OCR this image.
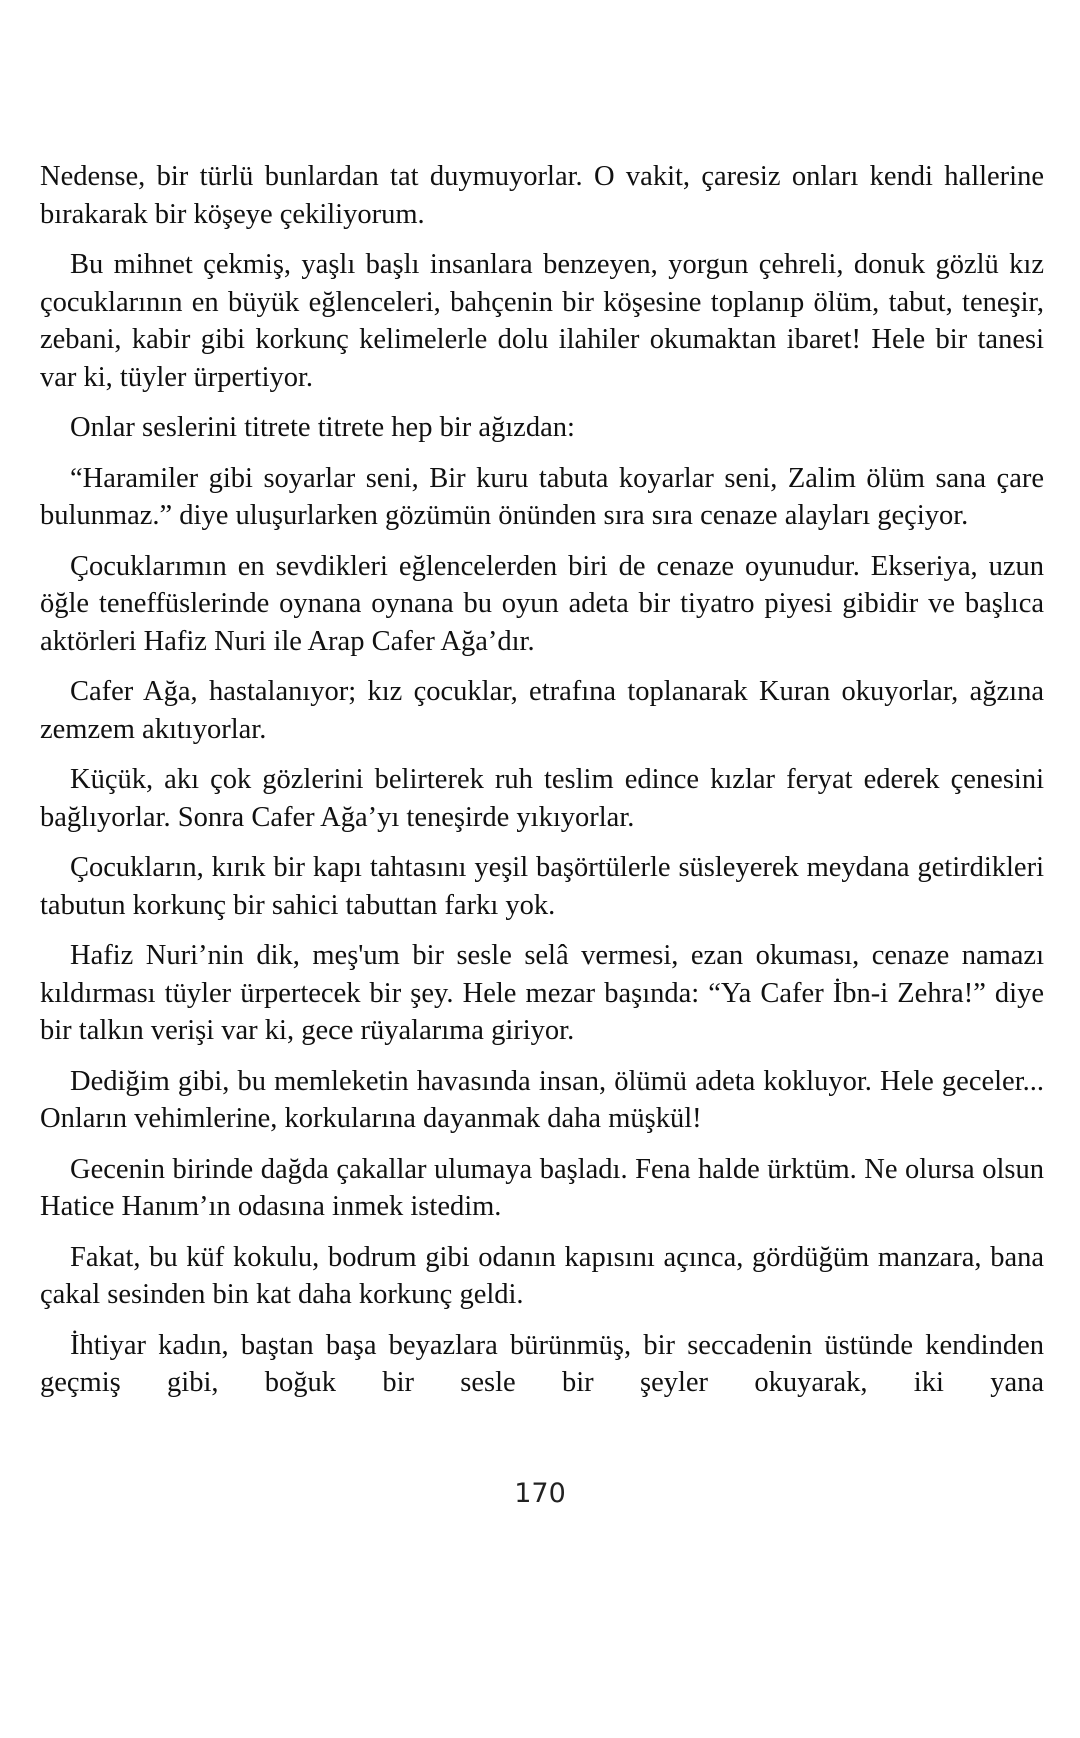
Nedense, bir türlü bunlardan tat duymuyorlar. O vakit, çaresiz onları kendi hallerine bırakarak bir köşeye çekiliyorum.

Bu mihnet çekmiş, yaşlı başlı insanlara benzeyen, yorgun çehreli, donuk gözlü kız çocuklarının en büyük eğlenceleri, bahçenin bir köşesine toplanıp ölüm, tabut, teneşir, zebani, kabir gibi korkunç kelimelerle dolu ilahiler okumaktan ibaret! Hele bir tanesi var ki, tüyler ürpertiyor.

Onlar seslerini titrete titrete hep bir ağızdan:

“Haramiler gibi soyarlar seni, Bir kuru tabuta koyarlar seni, Zalim ölüm sana çare bulunmaz.” diye uluşurlarken gözümün önünden sıra sıra cenaze alayları geçiyor.

Çocuklarımın en sevdikleri eğlencelerden biri de cenaze oyunudur. Ekseriya, uzun öğle teneffüslerinde oynana oynana bu oyun adeta bir tiyatro piyesi gibidir ve başlıca aktörleri Hafiz Nuri ile Arap Cafer Ağa’dır.

Cafer Ağa, hastalanıyor; kız çocuklar, etrafına toplanarak Kuran okuyorlar, ağzına zemzem akıtıyorlar.

Küçük, akı çok gözlerini belirterek ruh teslim edince kızlar feryat ederek çenesini bağlıyorlar. Sonra Cafer Ağa’yı teneşirde yıkıyorlar.

Çocukların, kırık bir kapı tahtasını yeşil başörtülerle süsleyerek meydana getirdikleri tabutun korkunç bir sahici tabuttan farkı yok.

Hafiz Nuri’nin dik, meş'um bir sesle selâ vermesi, ezan okuması, cenaze namazı kıldırması tüyler ürpertecek bir şey. Hele mezar başında: “Ya Cafer İbn-i Zehra!” diye bir talkın verişi var ki, gece rüyalarıma giriyor.

Dediğim gibi, bu memleketin havasında insan, ölümü adeta kokluyor. Hele geceler... Onların vehimlerine, korkularına dayanmak daha müşkül!

Gecenin birinde dağda çakallar ulumaya başladı. Fena halde ürktüm. Ne olursa olsun Hatice Hanım’ın odasına inmek istedim.

Fakat, bu küf kokulu, bodrum gibi odanın kapısını açınca, gördüğüm manzara, bana çakal sesinden bin kat daha korkunç geldi.

İhtiyar kadın, baştan başa beyazlara bürünmüş, bir seccadenin üstünde kendinden geçmiş gibi, boğuk bir sesle bir şeyler okuyarak, iki yana

170
